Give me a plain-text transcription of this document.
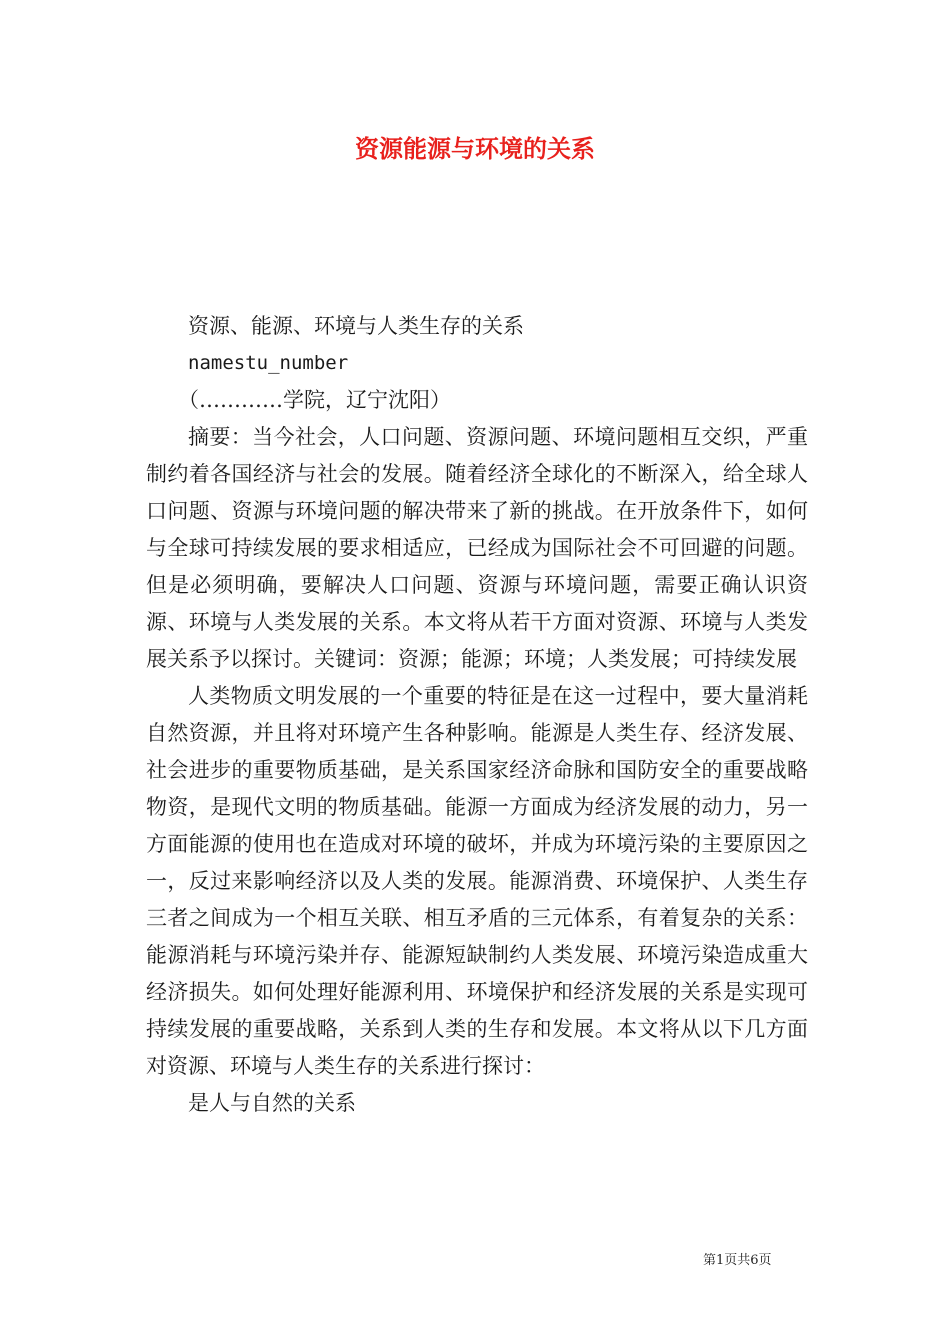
资源能源与环境的关系

资源、能源、环境与人类生存的关系

namestu_number

（…………学院，辽宁沈阳）

摘要：当今社会，人口问题、资源问题、环境问题相互交织，严重制约着各国经济与社会的发展。随着经济全球化的不断深入，给全球人口问题、资源与环境问题的解决带来了新的挑战。在开放条件下，如何与全球可持续发展的要求相适应，已经成为国际社会不可回避的问题。但是必须明确，要解决人口问题、资源与环境问题，需要正确认识资源、环境与人类发展的关系。本文将从若干方面对资源、环境与人类发展关系予以探讨。关键词：资源；能源；环境；人类发展；可持续发展

人类物质文明发展的一个重要的特征是在这一过程中，要大量消耗自然资源，并且将对环境产生各种影响。能源是人类生存、经济发展、社会进步的重要物质基础，是关系国家经济命脉和国防安全的重要战略物资，是现代文明的物质基础。能源一方面成为经济发展的动力，另一方面能源的使用也在造成对环境的破坏，并成为环境污染的主要原因之一，反过来影响经济以及人类的发展。能源消费、环境保护、人类生存三者之间成为一个相互关联、相互矛盾的三元体系，有着复杂的关系：能源消耗与环境污染并存、能源短缺制约人类发展、环境污染造成重大经济损失。如何处理好能源利用、环境保护和经济发展的关系是实现可持续发展的重要战略，关系到人类的生存和发展。本文将从以下几方面对资源、环境与人类生存的关系进行探讨：

是人与自然的关系

第1页共6页
